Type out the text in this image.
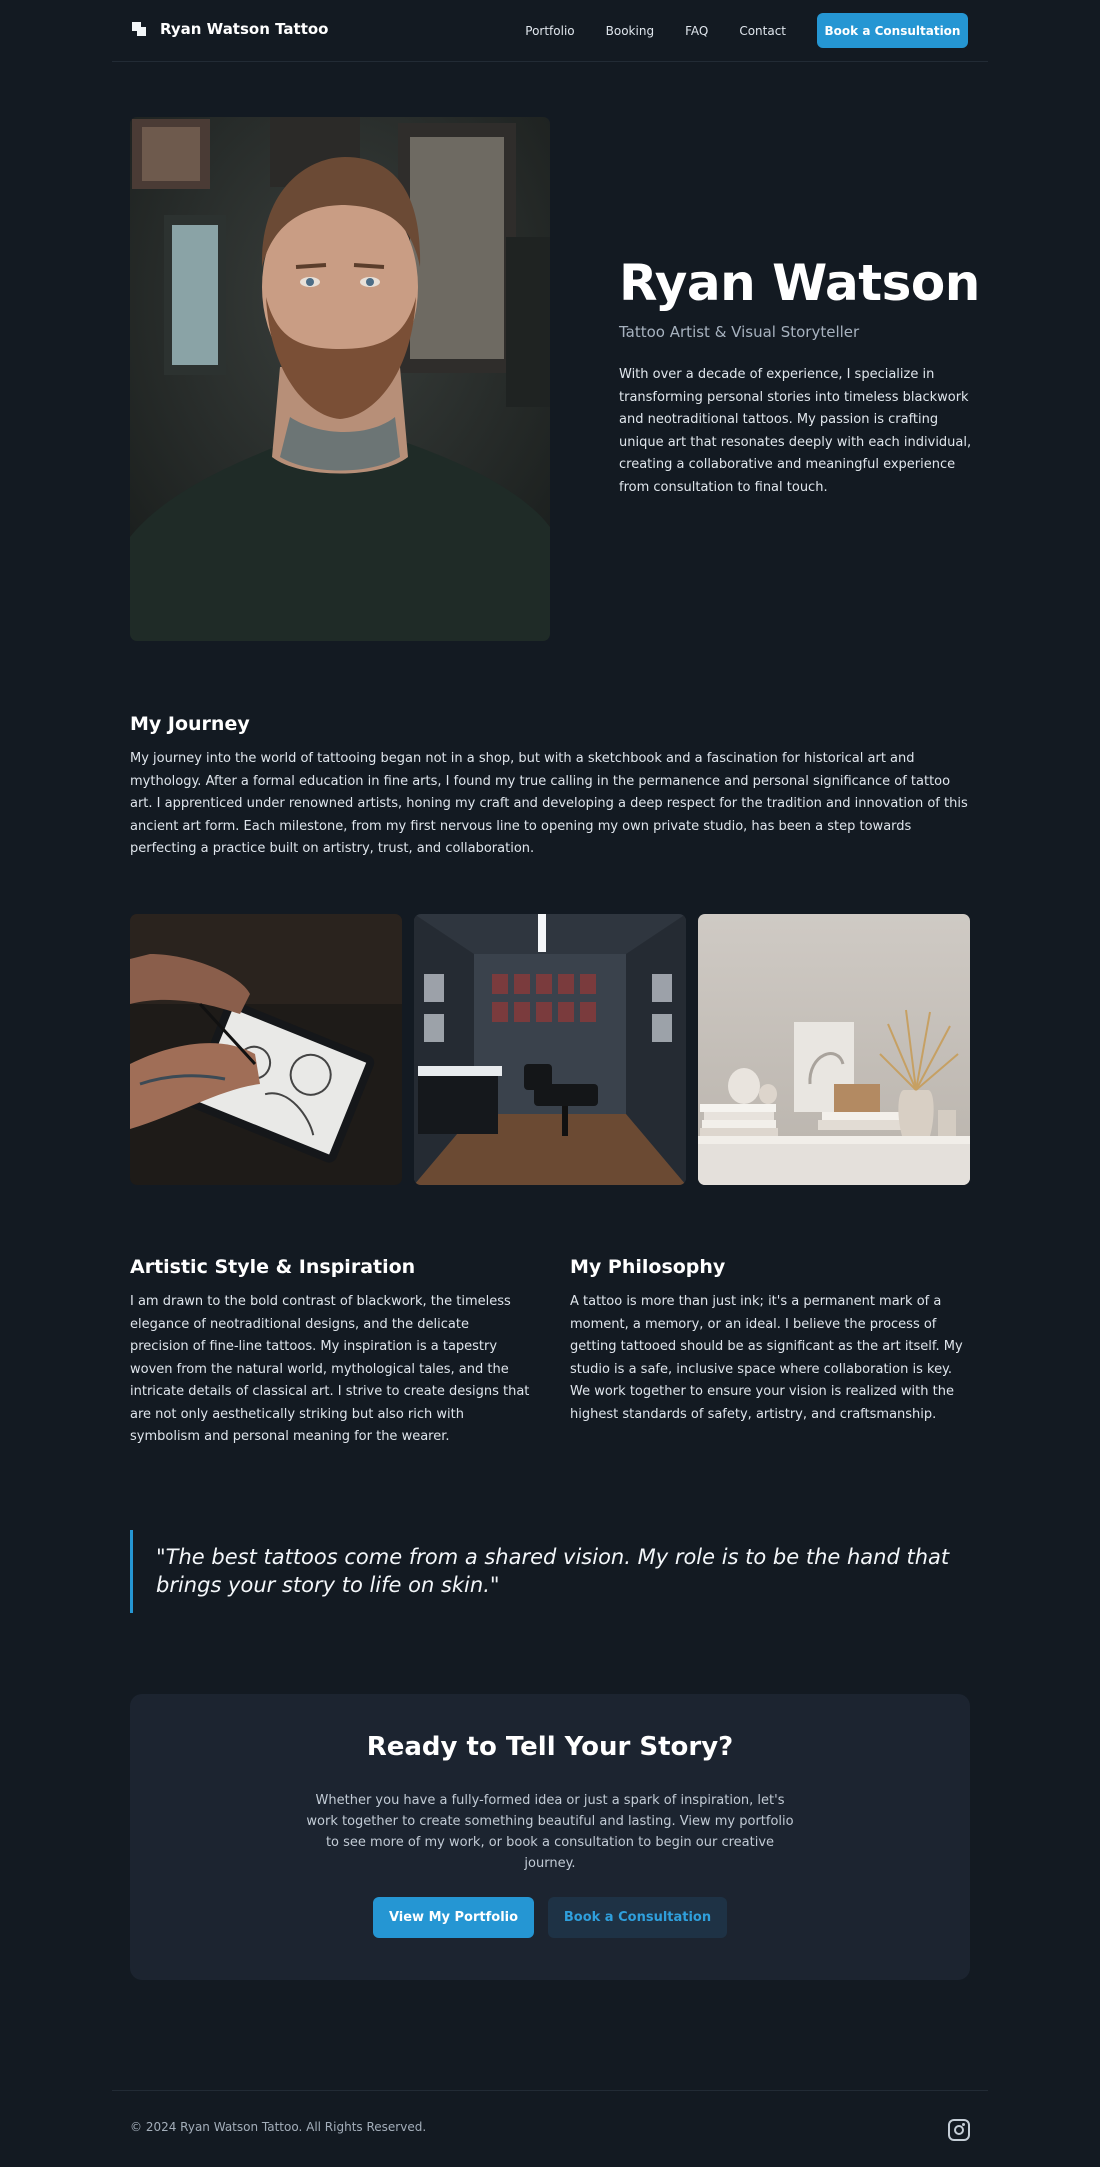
Ryan Watson Tattoo	Portfolio	Booking	FAQ	Contact	Book a Consultation
Ryan Watson

Tattoo Artist & Visual Storyteller

With over a decade of experience, I specialize in transforming personal stories into timeless blackwork and neotraditional tattoos. My passion is crafting unique art that resonates deeply with each individual, creating a collaborative and meaningful experience from consultation to final touch.

My Journey

My journey into the world of tattooing began not in a shop, but with a sketchbook and a fascination for historical art and mythology. After a formal education in fine arts, I found my true calling in the permanence and personal significance of tattoo art. I apprenticed under renowned artists, honing my craft and developing a deep respect for the tradition and innovation of this ancient art form. Each milestone, from my first nervous line to opening my own private studio, has been a step towards perfecting a practice built on artistry, trust, and collaboration.

Artistic Style & Inspiration

I am drawn to the bold contrast of blackwork, the timeless elegance of neotraditional designs, and the delicate precision of fine-line tattoos. My inspiration is a tapestry woven from the natural world, mythological tales, and the intricate details of classical art. I strive to create designs that are not only aesthetically striking but also rich with symbolism and personal meaning for the wearer.

My Philosophy

A tattoo is more than just ink; it's a permanent mark of a moment, a memory, or an ideal. I believe the process of getting tattooed should be as significant as the art itself. My studio is a safe, inclusive space where collaboration is key. We work together to ensure your vision is realized with the highest standards of safety, artistry, and craftsmanship.

"The best tattoos come from a shared vision. My role is to be the hand that brings your story to life on skin."

Ready to Tell Your Story?

Whether you have a fully-formed idea or just a spark of inspiration, let's work together to create something beautiful and lasting. View my portfolio to see more of my work, or book a consultation to begin our creative journey.

View My Portfolio	Book a Consultation

© 2024 Ryan Watson Tattoo. All Rights Reserved.
